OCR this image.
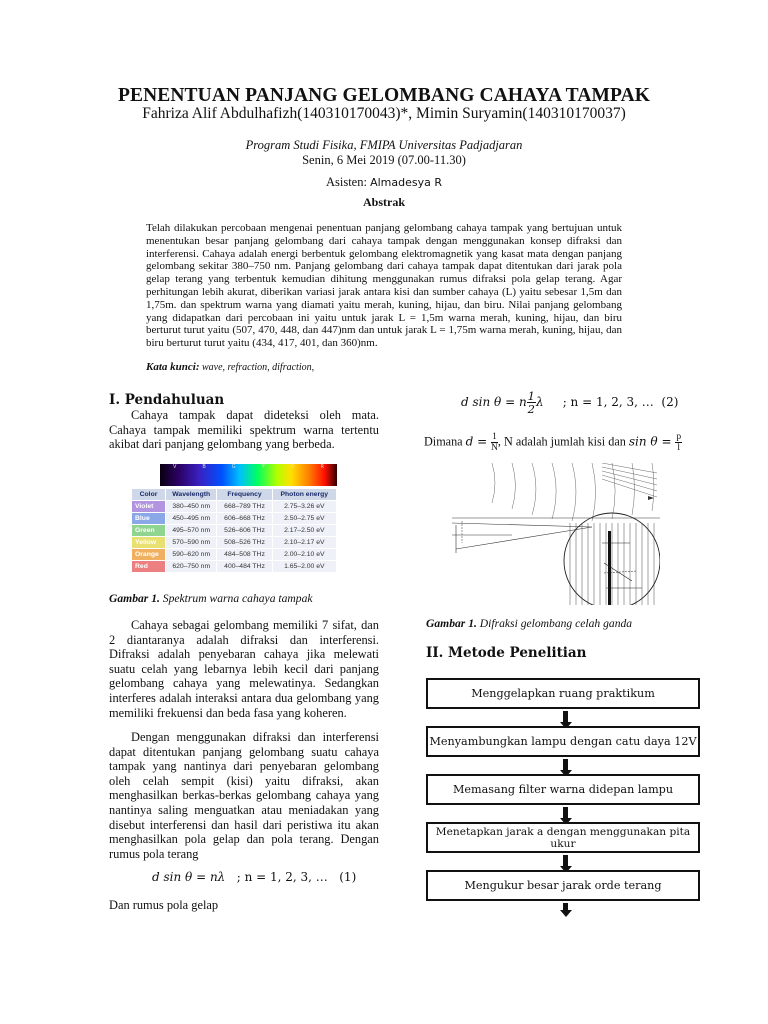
PENENTUAN PANJANG GELOMBANG CAHAYA TAMPAK
Fahriza Alif Abdulhafizh(140310170043)*, Mimin Suryamin(140310170037)
Program Studi Fisika, FMIPA Universitas Padjadjaran
Senin, 6 Mei 2019 (07.00-11.30)
Asisten: Almadesya R
Abstrak
Telah dilakukan percobaan mengenai penentuan panjang gelombang cahaya tampak yang bertujuan untuk menentukan besar panjang gelombang dari cahaya tampak dengan menggunakan konsep difraksi dan interferensi. Cahaya adalah energi berbentuk gelombang elektromagnetik yang kasat mata dengan panjang gelombang sekitar 380–750 nm. Panjang gelombang dari cahaya tampak dapat ditentukan dari jarak pola gelap terang yang terbentuk kemudian dihitung menggunakan rumus difraksi pola gelap terang. Agar perhitungan lebih akurat, diberikan variasi jarak antara kisi dan sumber cahaya (L) yaitu sebesar 1,5m dan 1,75m. dan spektrum warna yang diamati yaitu merah, kuning, hijau, dan biru. Nilai panjang gelombang yang didapatkan dari percobaan ini yaitu untuk jarak L = 1,5m warna merah, kuning, hijau, dan biru berturut turut yaitu (507, 470, 448, dan 447)nm dan untuk jarak L = 1,75m warna merah, kuning, hijau, dan biru berturut turut yaitu (434, 417, 401, dan 360)nm.
Kata kunci: wave, refraction, difraction,
I. Pendahuluan
Cahaya tampak dapat dideteksi oleh mata. Cahaya tampak memiliki spektrum warna tertentu akibat dari panjang gelombang yang berbeda.
V	B	G	Y	O	R
Color	Wavelength	Frequency	Photon energy
Violet	380–450 nm	668–789 THz	2.75–3.26 eV
Blue	450–495 nm	606–668 THz	2.50–2.75 eV
Green	495–570 nm	526–606 THz	2.17–2.50 eV
Yellow	570–590 nm	508–526 THz	2.10–2.17 eV
Orange	590–620 nm	484–508 THz	2.00–2.10 eV
Red	620–750 nm	400–484 THz	1.65–2.00 eV
Gambar 1. Spektrum warna cahaya tampak
Cahaya sebagai gelombang memiliki 7 sifat, dan 2 diantaranya adalah difraksi dan interferensi. Difraksi adalah penyebaran cahaya jika melewati suatu celah yang lebarnya lebih kecil dari panjang gelombang cahaya yang melewatinya. Sedangkan interferes adalah interaksi antara dua gelombang yang memiliki frekuensi dan beda fasa yang koheren.
Dengan menggunakan difraksi dan interferensi dapat ditentukan panjang gelombang suatu cahaya tampak yang nantinya dari penyebaran gelombang oleh celah sempit (kisi) yaitu difraksi, akan menghasilkan berkas-berkas gelombang cahaya yang nantinya saling menguatkan atau meniadakan yang disebut interferensi dan hasil dari peristiwa itu akan menghasilkan pola gelap dan pola terang. Dengan rumus pola terang
d sin θ = nλ ; n = 1, 2, 3, … (1)
Dan rumus pola gelap
d sin θ = n $\frac{1}{2}$ λ ; n = 1, 2, 3, … (2)
Dimana $d = \frac{1}{N}$ , N adalah jumlah kisi dan $\sin \theta = \frac{p}{l}$
Gambar 1. Difraksi gelombang celah ganda
II. Metode Penelitian
Menggelapkan ruang praktikum
Menyambungkan lampu dengan catu daya 12V
Memasang filter warna didepan lampu
Menetapkan jarak a dengan menggunakan pita ukur
Mengukur besar jarak orde terang
